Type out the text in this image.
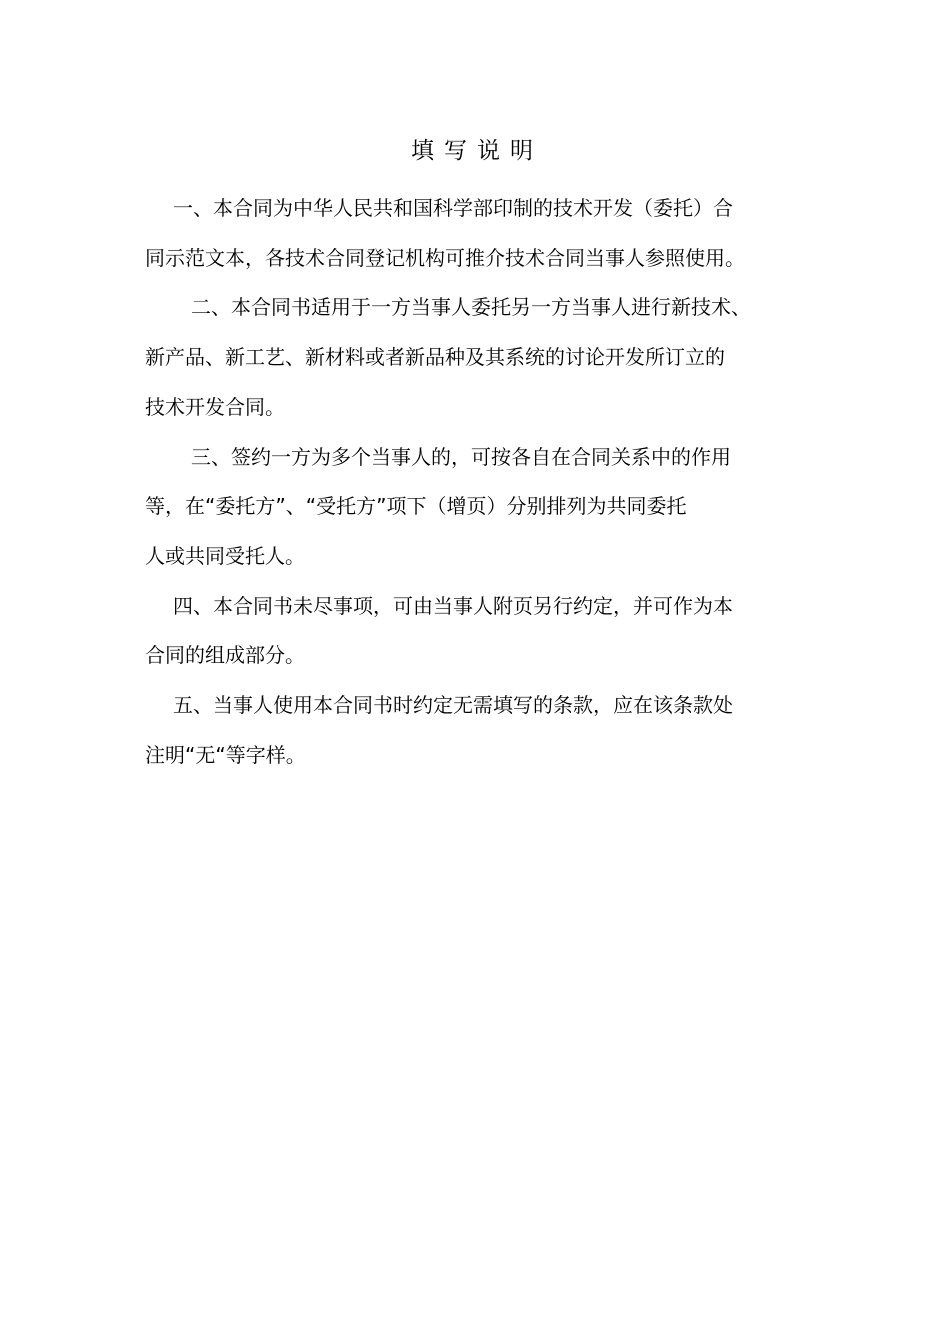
填写说明
一、本合同为中华人民共和国科学部印制的技术开发（委托）合
同示范文本，各技术合同登记机构可推介技术合同当事人参照使用。
二、本合同书适用于一方当事人委托另一方当事人进行新技术、
新产品、新工艺、新材料或者新品种及其系统的讨论开发所订立的
技术开发合同。
三、签约一方为多个当事人的，可按各自在合同关系中的作用
等，在“委托方”、“受托方”项下（增页）分别排列为共同委托
人或共同受托人。
四、本合同书未尽事项，可由当事人附页另行约定，并可作为本
合同的组成部分。
五、当事人使用本合同书时约定无需填写的条款，应在该条款处
注明“无“等字样。
